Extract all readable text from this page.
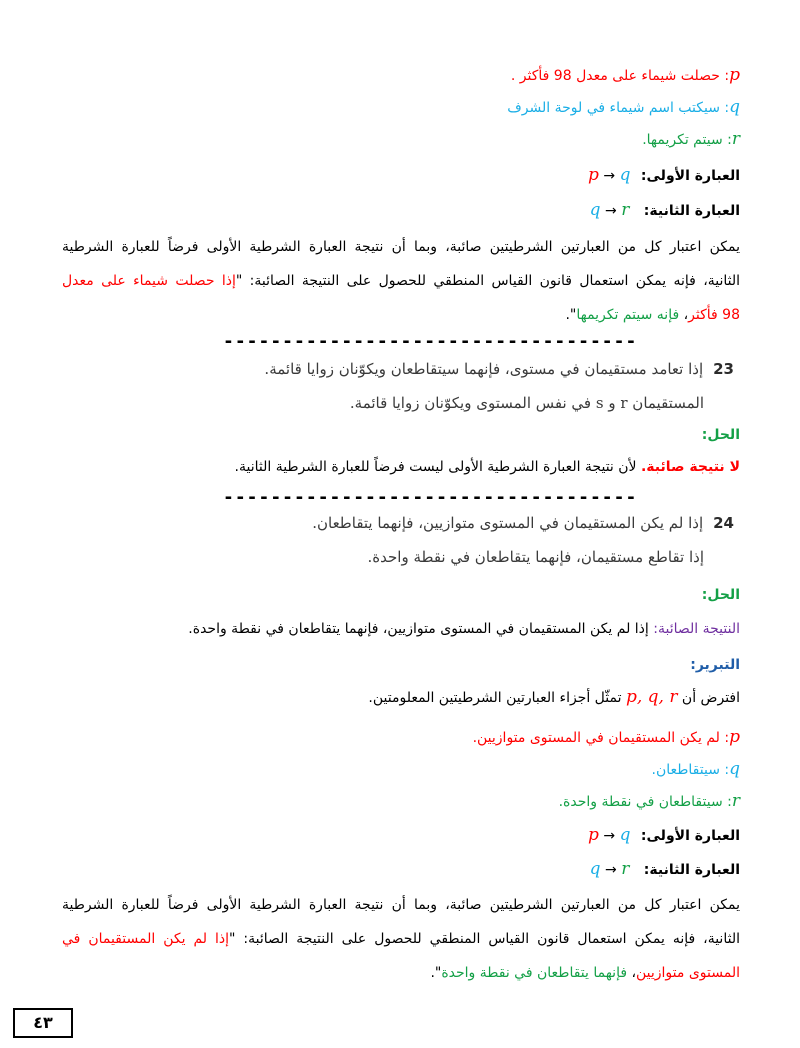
p: حصلت شيماء على معدل 98 فأكثر .
q: سيكتب اسم شيماء في لوحة الشرف
r: سيتم تكريمها.
العبارة الأولى: p → q
العبارة الثانية: q → r
يمكن اعتبار كل من العبارتين الشرطيتين صائبة، وبما أن نتيجة العبارة الشرطية الأولى فرضاً للعبارة الشرطية
الثانية، فإنه يمكن استعمال قانون القياس المنطقي للحصول على النتيجة الصائبة: "إذا حصلت شيماء على معدل
98 فأكثر، فإنه سيتم تكريمها".
-----------------------------------
23إذا تعامد مستقيمان في مستوى، فإنهما سيتقاطعان ويكوّنان زوايا قائمة.
المستقيمان r و s في نفس المستوى ويكوّنان زوايا قائمة.
الحل:
لا نتيجة صائبة. لأن نتيجة العبارة الشرطية الأولى ليست فرضاً للعبارة الشرطية الثانية.
-----------------------------------
24إذا لم يكن المستقيمان في المستوى متوازيين، فإنهما يتقاطعان.
إذا تقاطع مستقيمان، فإنهما يتقاطعان في نقطة واحدة.
الحل:
النتيجة الصائبة: إذا لم يكن المستقيمان في المستوى متوازيين، فإنهما يتقاطعان في نقطة واحدة.
التبرير:
افترض أن p, q, r تمثّل أجزاء العبارتين الشرطيتين المعلومتين.
p: لم يكن المستقيمان في المستوى متوازيين.
q: سيتقاطعان.
r: سيتقاطعان في نقطة واحدة.
العبارة الأولى: p → q
العبارة الثانية: q → r
يمكن اعتبار كل من العبارتين الشرطيتين صائبة، وبما أن نتيجة العبارة الشرطية الأولى فرضاً للعبارة الشرطية
الثانية، فإنه يمكن استعمال قانون القياس المنطقي للحصول على النتيجة الصائبة: "إذا لم يكن المستقيمان في
المستوى متوازيين، فإنهما يتقاطعان في نقطة واحدة".
٤٣
